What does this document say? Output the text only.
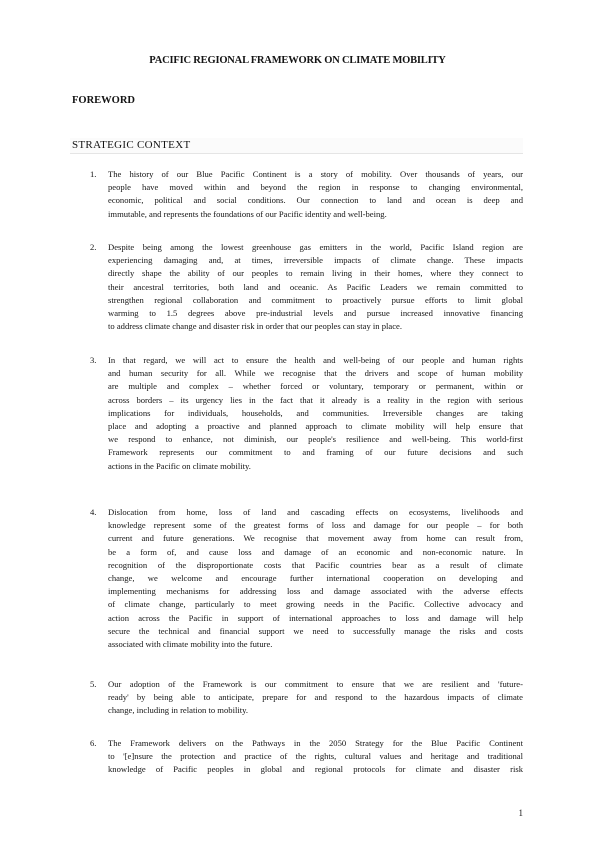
PACIFIC REGIONAL FRAMEWORK ON CLIMATE MOBILITY
FOREWORD
STRATEGIC CONTEXT
1. The history of our Blue Pacific Continent is a story of mobility. Over thousands of years, our
people have moved within and beyond the region in response to changing environmental,
economic, political and social conditions. Our connection to land and ocean is deep and
immutable, and represents the foundations of our Pacific identity and well-being.
2. Despite being among the lowest greenhouse gas emitters in the world, Pacific Island region are
experiencing damaging and, at times, irreversible impacts of climate change. These impacts
directly shape the ability of our peoples to remain living in their homes, where they connect to
their ancestral territories, both land and oceanic. As Pacific Leaders we remain committed to
strengthen regional collaboration and commitment to proactively pursue efforts to limit global
warming to 1.5 degrees above pre-industrial levels and pursue increased innovative financing
to address climate change and disaster risk in order that our peoples can stay in place.
3. In that regard, we will act to ensure the health and well-being of our people and human rights
and human security for all. While we recognise that the drivers and scope of human mobility
are multiple and complex – whether forced or voluntary, temporary or permanent, within or
across borders – its urgency lies in the fact that it already is a reality in the region with serious
implications for individuals, households, and communities. Irreversible changes are taking
place and adopting a proactive and planned approach to climate mobility will help ensure that
we respond to enhance, not diminish, our people's resilience and well-being. This world-first
Framework represents our commitment to and framing of our future decisions and such
actions in the Pacific on climate mobility.
4. Dislocation from home, loss of land and cascading effects on ecosystems, livelihoods and
knowledge represent some of the greatest forms of loss and damage for our people – for both
current and future generations. We recognise that movement away from home can result from,
be a form of, and cause loss and damage of an economic and non-economic nature. In
recognition of the disproportionate costs that Pacific countries bear as a result of climate
change, we welcome and encourage further international cooperation on developing and
implementing mechanisms for addressing loss and damage associated with the adverse effects
of climate change, particularly to meet growing needs in the Pacific. Collective advocacy and
action across the Pacific in support of international approaches to loss and damage will help
secure the technical and financial support we need to successfully manage the risks and costs
associated with climate mobility into the future.
5. Our adoption of the Framework is our commitment to ensure that we are resilient and 'future-
ready' by being able to anticipate, prepare for and respond to the hazardous impacts of climate
change, including in relation to mobility.
6. The Framework delivers on the Pathways in the 2050 Strategy for the Blue Pacific Continent
to '[e]nsure the protection and practice of the rights, cultural values and heritage and traditional
knowledge of Pacific peoples in global and regional protocols for climate and disaster risk
1
